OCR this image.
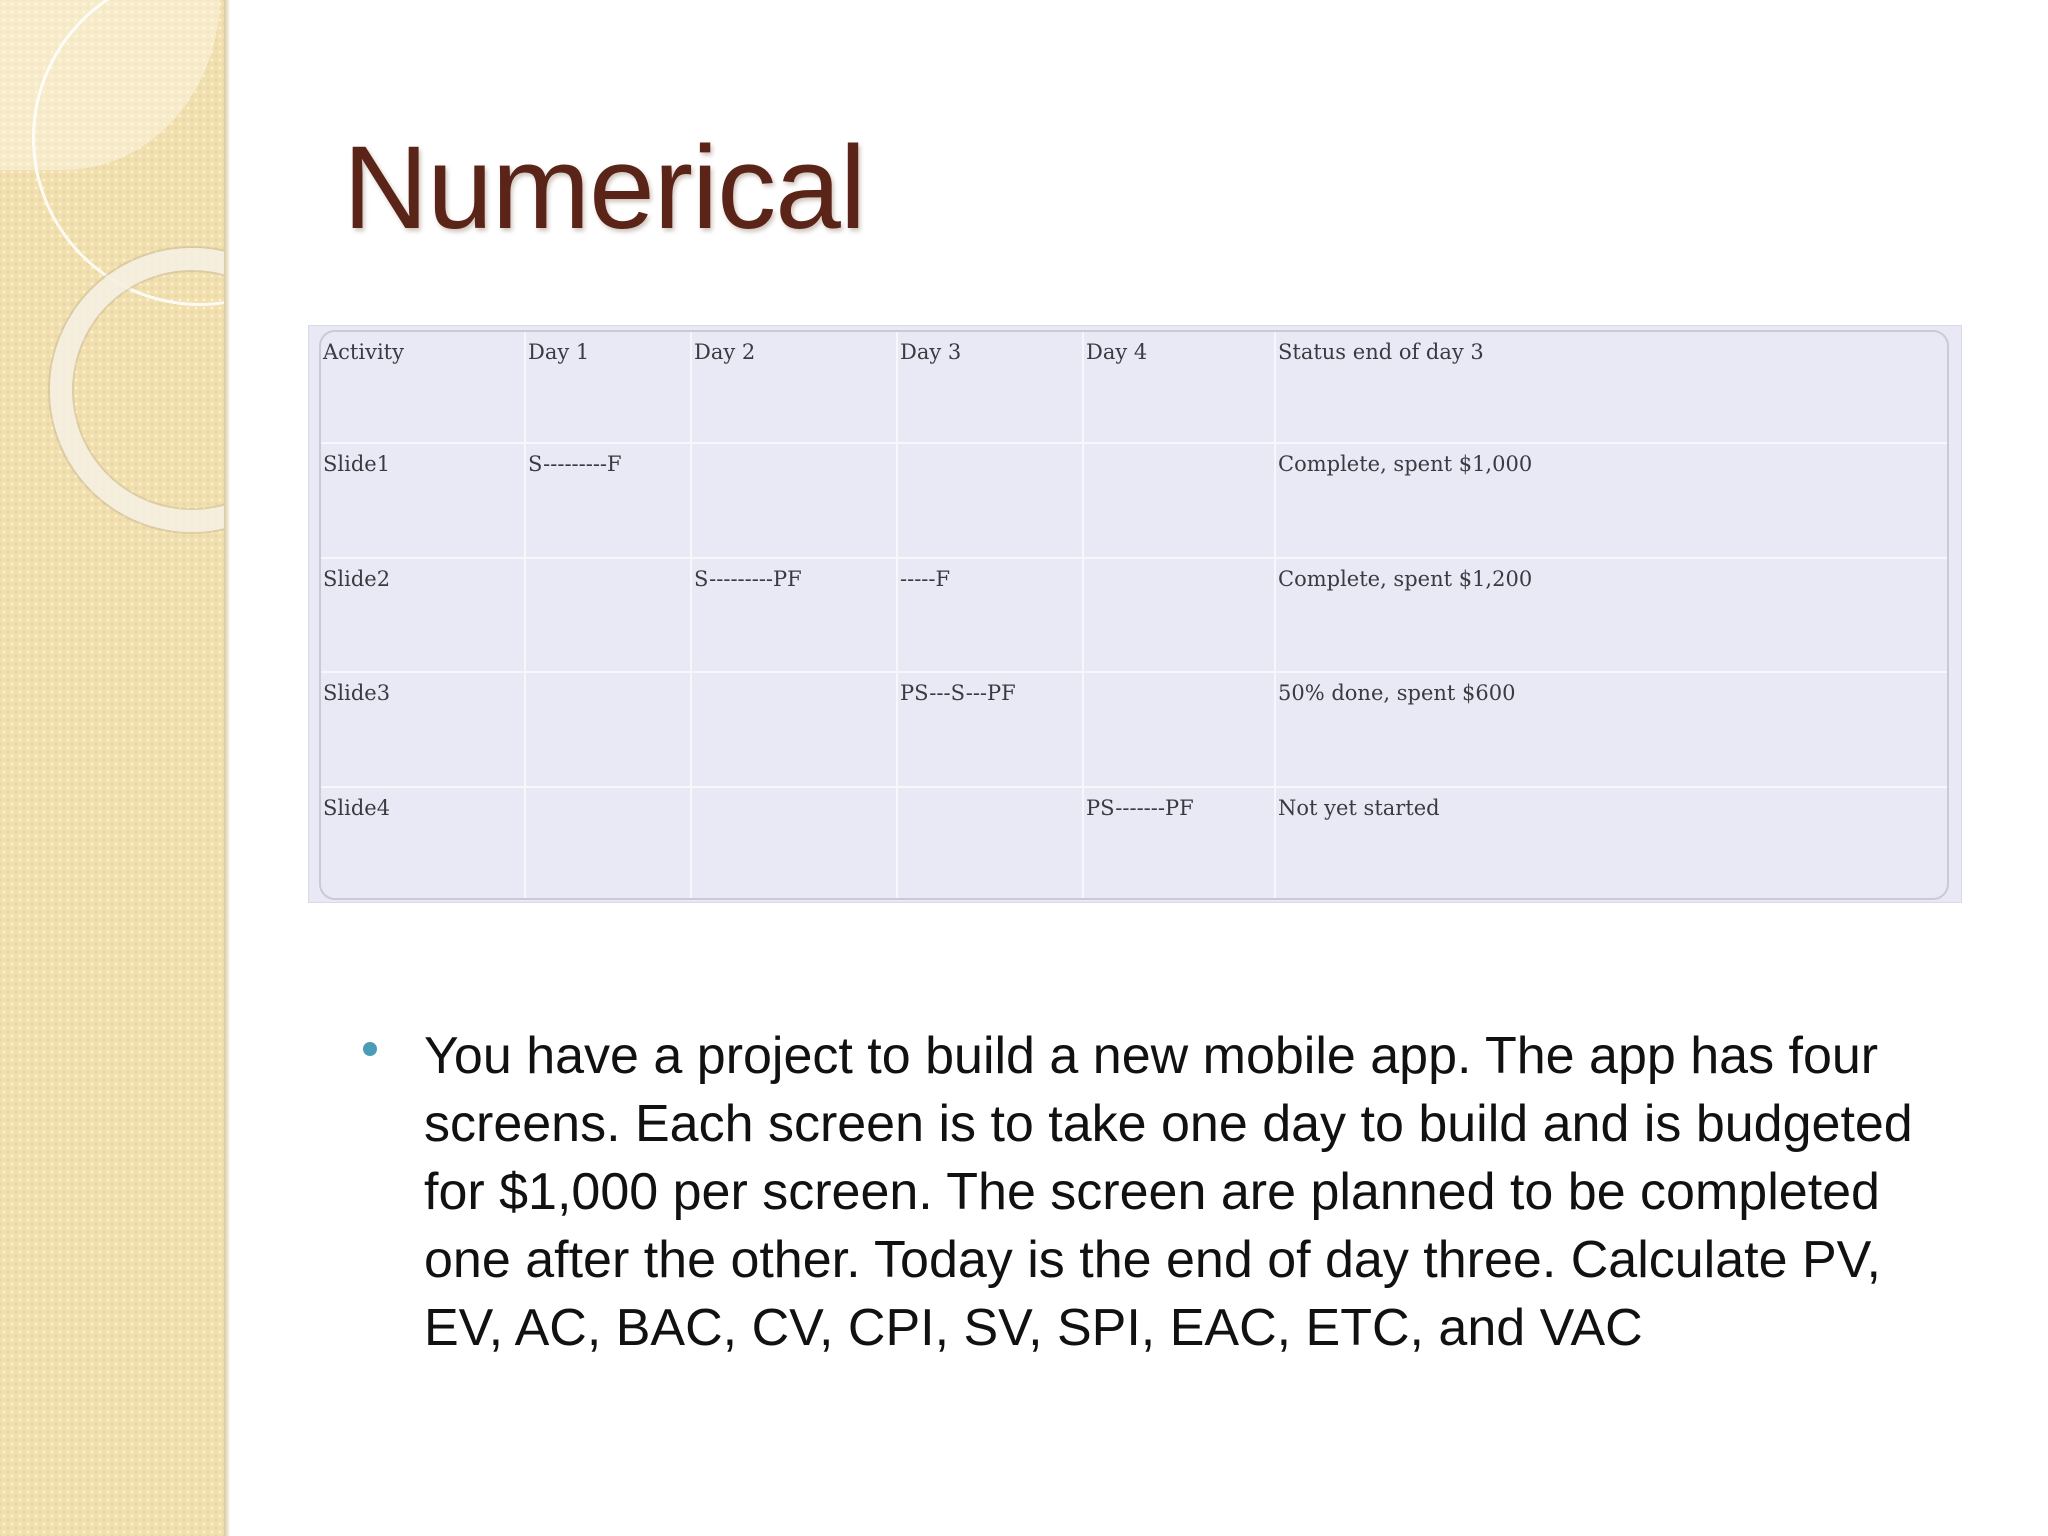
Numerical
Activity	Day 1	Day 2	Day 3	Day 4	Status end of day 3
Slide1	S---------F				Complete, spent $1,000
Slide2		S---------PF	-----F		Complete, spent $1,200
Slide3			PS---S---PF		50% done, spent $600
Slide4				PS-------PF	Not yet started
You have a project to build a new mobile app. The app has four screens. Each screen is to take one day to build and is budgeted for $1,000 per screen. The screen are planned to be completed one after the other. Today is the end of day three. Calculate PV, EV, AC, BAC, CV, CPI, SV, SPI, EAC, ETC, and VAC
